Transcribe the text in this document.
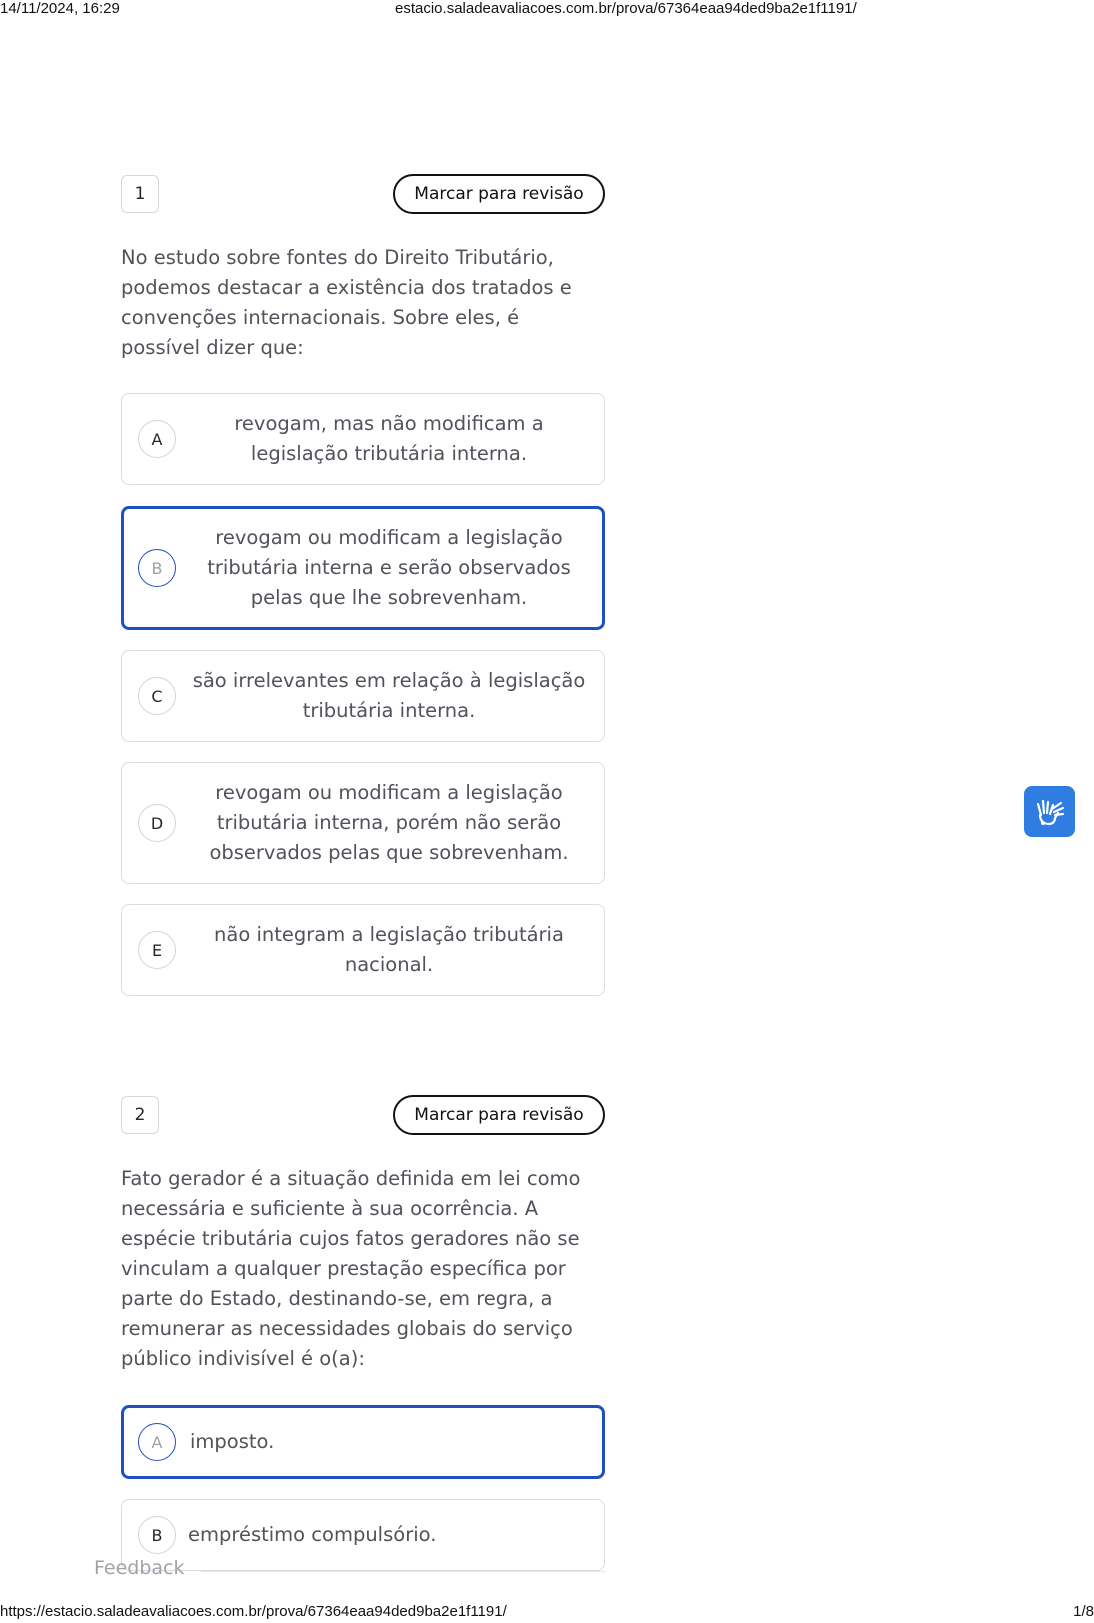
14/11/2024, 16:29	estacio.saladeavaliacoes.com.br/prova/67364eaa94ded9ba2e1f1191/
1	Marcar para revisão

No estudo sobre fontes do Direito Tributário, podemos destacar a existência dos tratados e convenções internacionais. Sobre eles, é possível dizer que:

A
revogam, mas não modificam a legislação tributária interna.
B
revogam ou modificam a legislação tributária interna e serão observados pelas que lhe sobrevenham.
C
são irrelevantes em relação à legislação tributária interna.
D
revogam ou modificam a legislação tributária interna, porém não serão observados pelas que sobrevenham.
E
não integram a legislação tributária nacional.
2	Marcar para revisão

Fato gerador é a situação definida em lei como necessária e suficiente à sua ocorrência. A espécie tributária cujos fatos geradores não se vinculam a qualquer prestação específica por parte do Estado, destinando-se, em regra, a remunerar as necessidades globais do serviço público indivisível é o(a):

A	imposto.
B	empréstimo compulsório.
Feedback
https://estacio.saladeavaliacoes.com.br/prova/67364eaa94ded9ba2e1f1191/	1/8
